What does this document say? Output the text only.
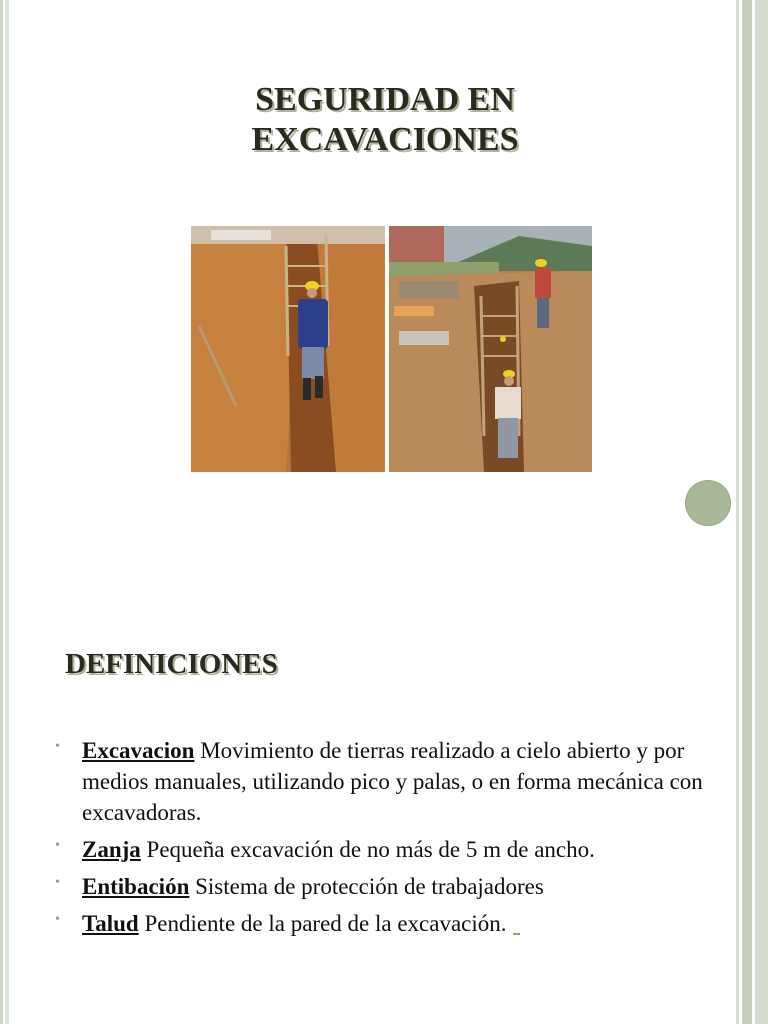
SEGURIDAD EN
EXCAVACIONES
DEFINICIONES
• Excavacion Movimiento de tierras realizado a cielo abierto y por medios manuales, utilizando pico y palas, o en forma mecánica con excavadoras.
• Zanja Pequeña excavación de no más de 5 m de ancho.
• Entibación Sistema de protección de trabajadores
• Talud Pendiente de la pared de la excavación.
